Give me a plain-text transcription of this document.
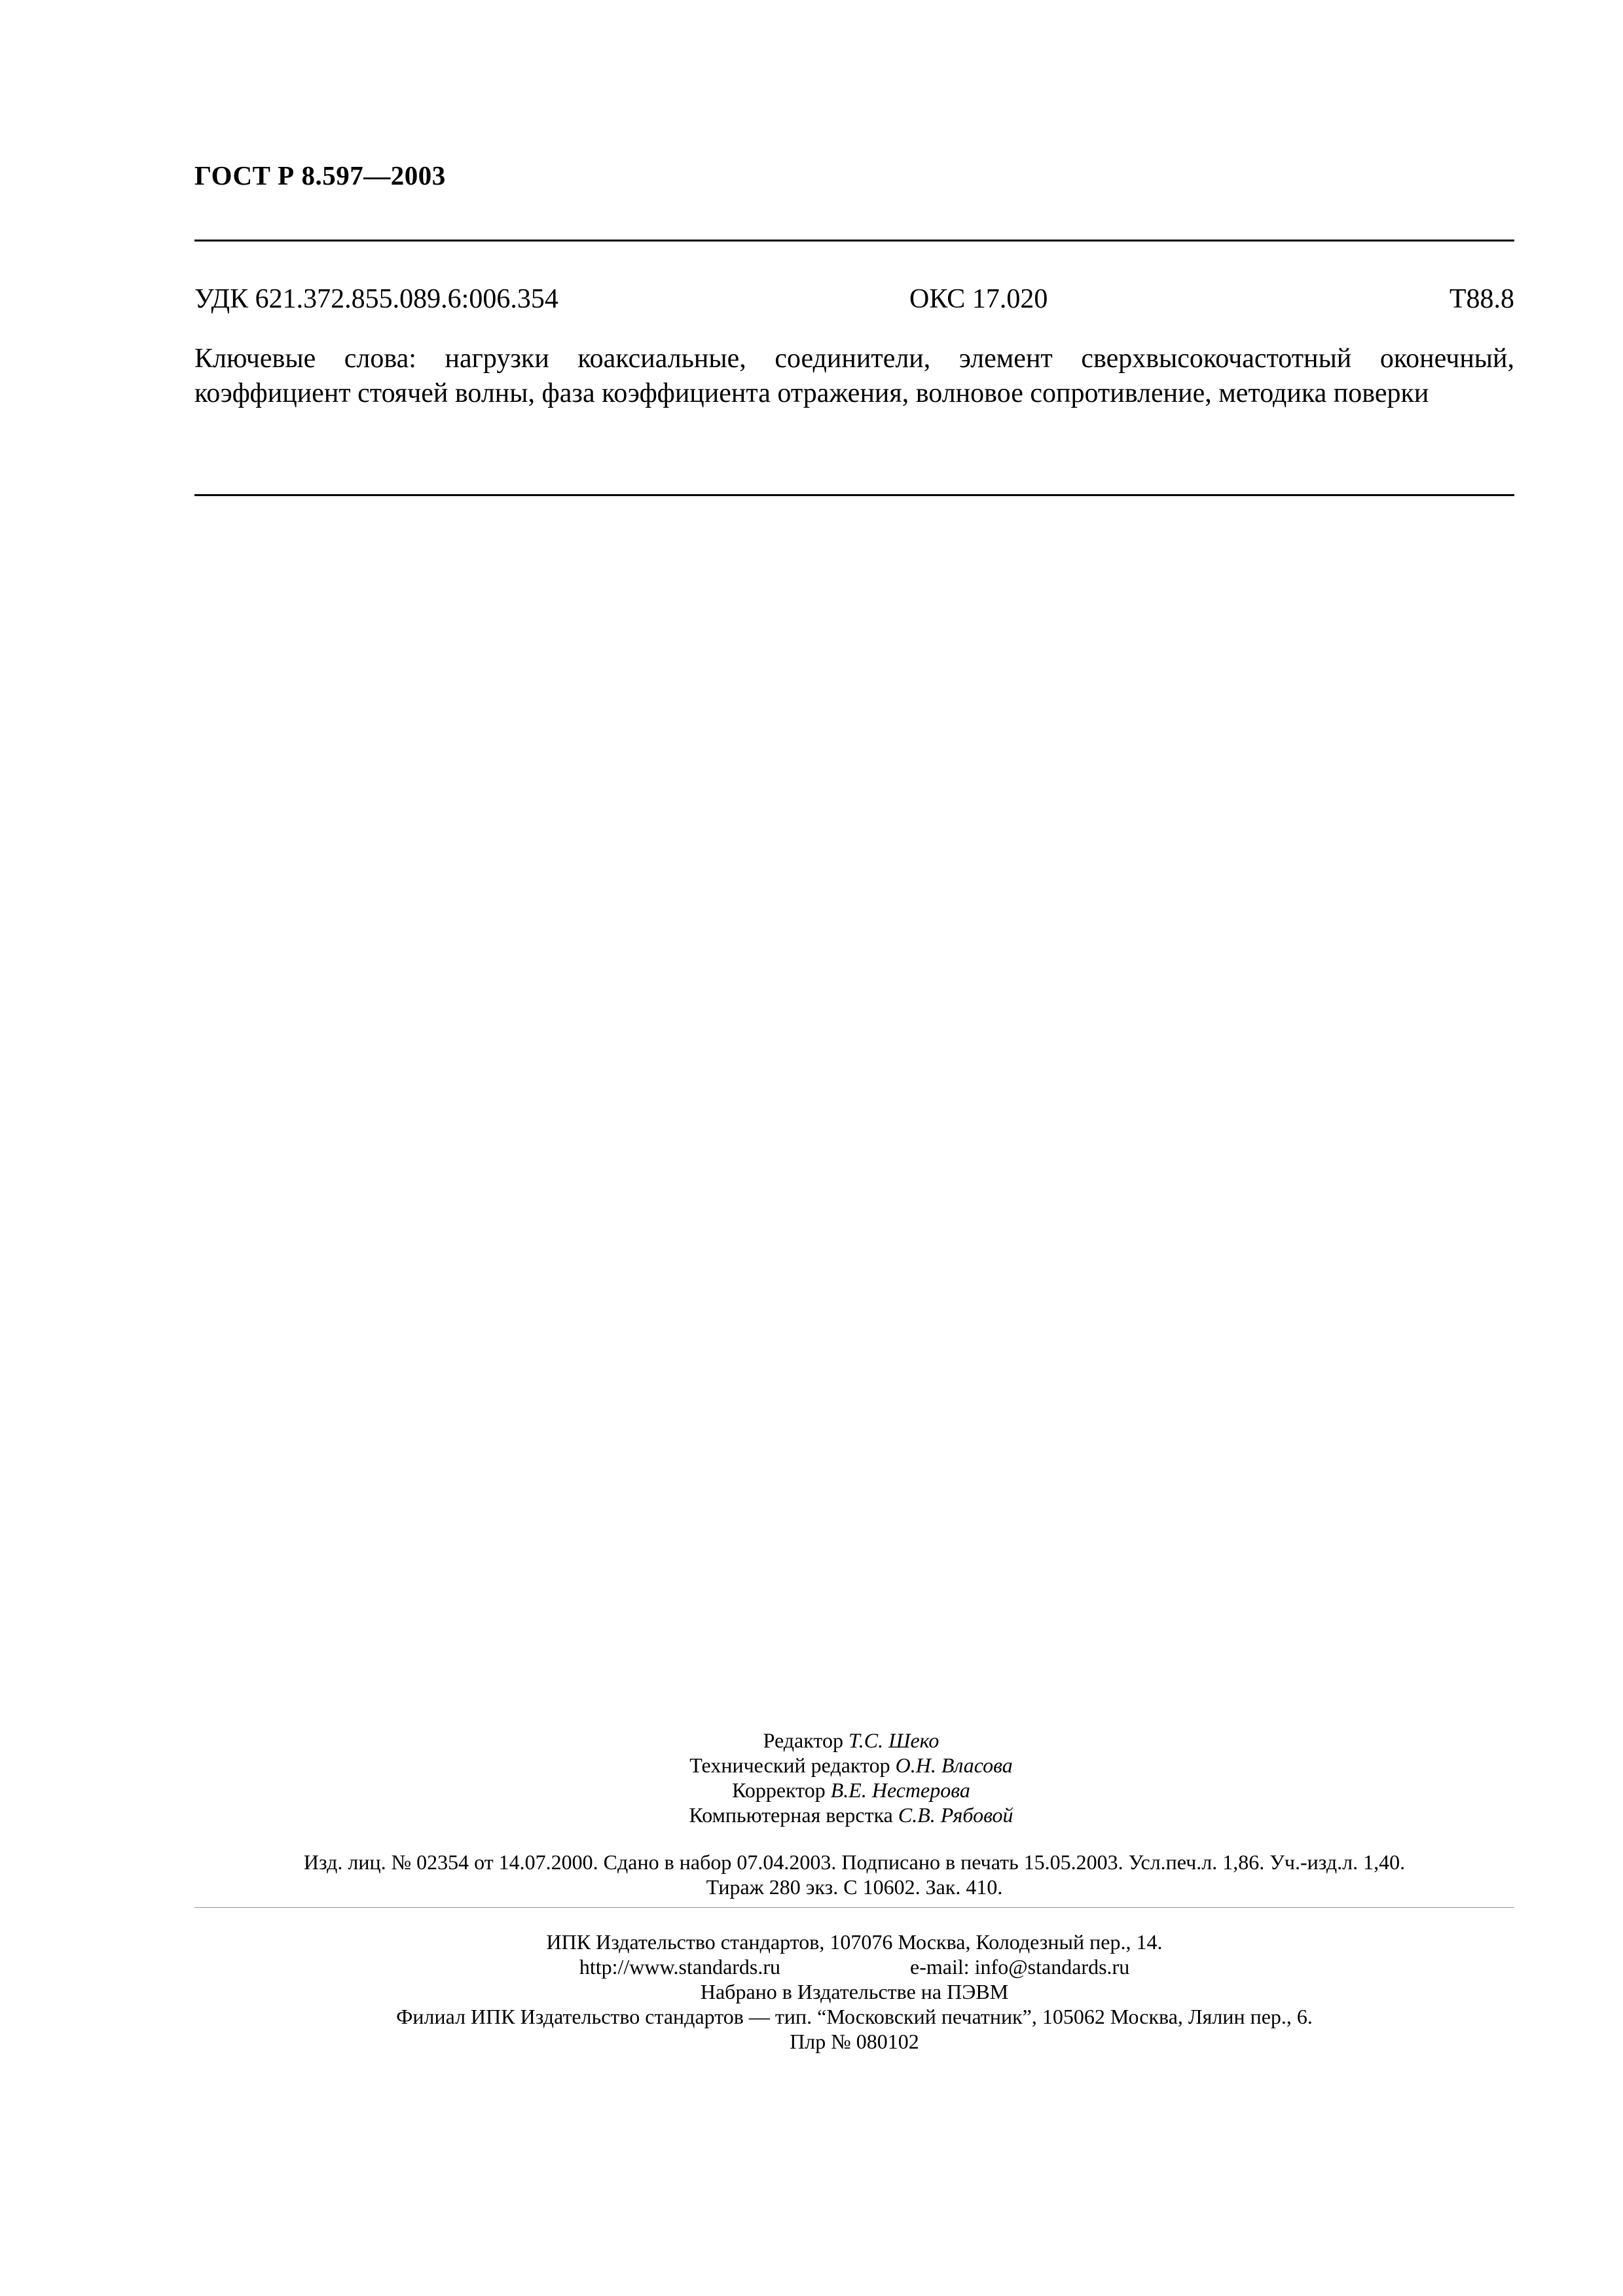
ГОСТ Р 8.597—2003
УДК 621.372.855.089.6:006.354	ОКС 17.020	Т88.8
Ключевые слова: нагрузки коаксиальные, соединители, элемент сверхвысокочастотный оконечный, коэффициент стоячей волны, фаза коэффициента отражения, волновое сопротивление, методика поверки
Редактор Т.С. Шеко
Технический редактор О.Н. Власова
Корректор В.Е. Нестерова
Компьютерная верстка С.В. Рябовой
Изд. лиц. № 02354 от 14.07.2000. Сдано в набор 07.04.2003. Подписано в печать 15.05.2003. Усл.печ.л. 1,86. Уч.-изд.л. 1,40.
Тираж 280 экз. С 10602. Зак. 410.
ИПК Издательство стандартов, 107076 Москва, Колодезный пер., 14.
http://www.standards.ru	e-mail: info@standards.ru
Набрано в Издательстве на ПЭВМ
Филиал ИПК Издательство стандартов — тип. “Московский печатник”, 105062 Москва, Лялин пер., 6.
Плр № 080102
